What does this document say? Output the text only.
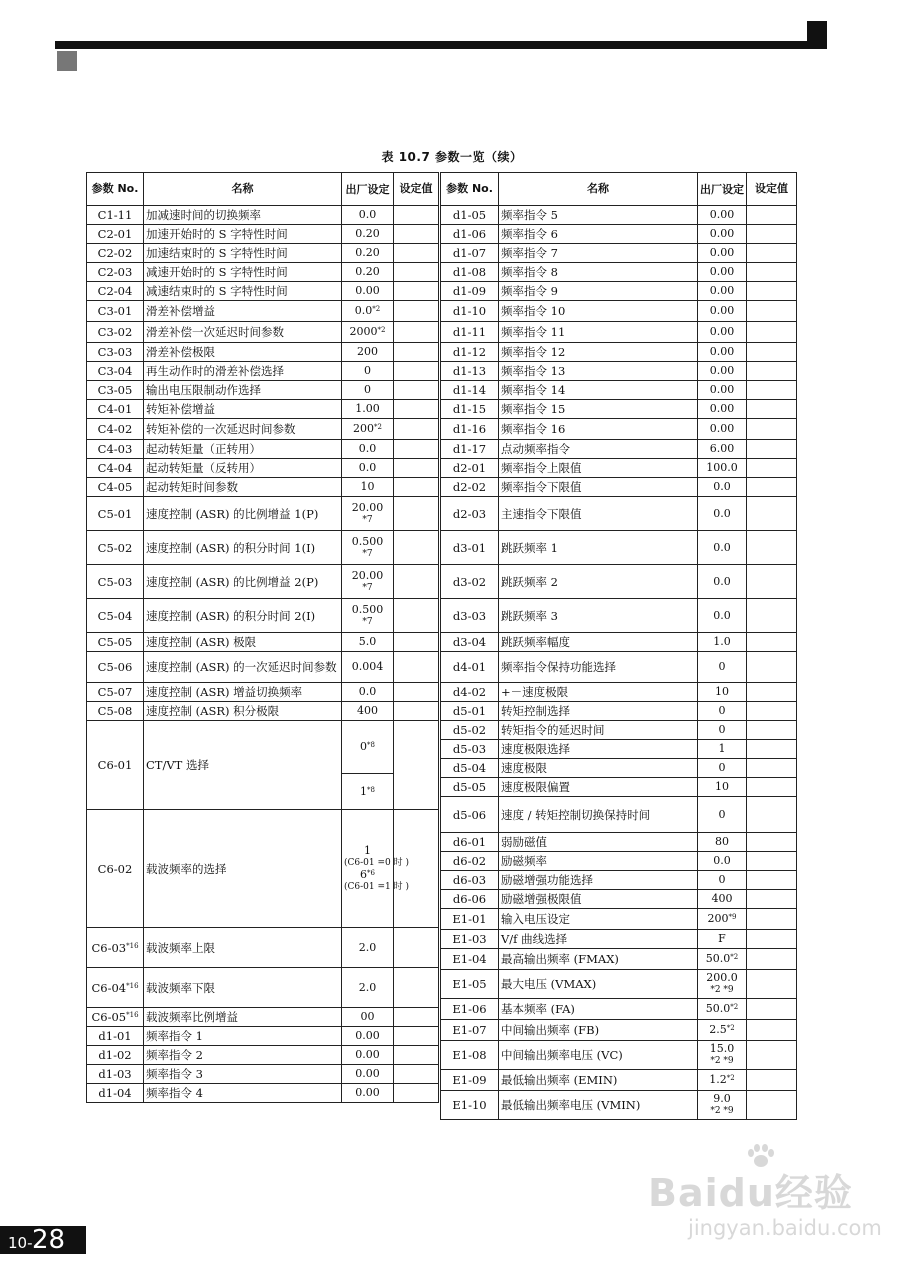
表 10.7 参数一览（续）
参数 No.	名称	出厂设定	设定值
C1-11	加减速时间的切换频率	0.0	
C2-01	加速开始时的 S 字特性时间	0.20	
C2-02	加速结束时的 S 字特性时间	0.20	
C2-03	减速开始时的 S 字特性时间	0.20	
C2-04	减速结束时的 S 字特性时间	0.00	
C3-01	滑差补偿增益	0.0$^{*2}$	
C3-02	滑差补偿一次延迟时间参数	2000$^{*2}$	
C3-03	滑差补偿极限	200	
C3-04	再生动作时的滑差补偿选择	0	
C3-05	输出电压限制动作选择	0	
C4-01	转矩补偿增益	1.00	
C4-02	转矩补偿的一次延迟时间参数	200$^{*2}$	
C4-03	起动转矩量（正转用）	0.0	
C4-04	起动转矩量（反转用）	0.0	
C4-05	起动转矩时间参数	10	
C5-01	速度控制 (ASR) 的比例增益 1(P)	20.00
*7	

C5-02	速度控制 (ASR) 的积分时间 1(I)	0.500
*7	

C5-03	速度控制 (ASR) 的比例增益 2(P)	20.00
*7	

C5-04	速度控制 (ASR) 的积分时间 2(I)	0.500
*7	

C5-05	速度控制 (ASR) 极限	5.0	
C5-06	速度控制 (ASR) 的一次延迟时间参数	0.004	
C5-07	速度控制 (ASR) 增益切换频率	0.0	
C5-08	速度控制 (ASR) 积分极限	400	
C6-01	CT/VT 选择	0$^{*8}$	
		1$^{*8}$
C6-02	载波频率的选择	1
(C6-01 =0 时 )
6$^{*6}$
(C6-01 =1 时 )	

C6-03$^{*16}$	载波频率上限	2.0	
C6-04$^{*16}$	载波频率下限	2.0	
C6-05$^{*16}$	载波频率比例增益	00	
d1-01	频率指令 1	0.00	
d1-02	频率指令 2	0.00	
d1-03	频率指令 3	0.00	
d1-04	频率指令 4	0.00	
参数 No.	名称	出厂设定	设定值
d1-05	频率指令 5	0.00	
d1-06	频率指令 6	0.00	
d1-07	频率指令 7	0.00	
d1-08	频率指令 8	0.00	
d1-09	频率指令 9	0.00	
d1-10	频率指令 10	0.00	
d1-11	频率指令 11	0.00	
d1-12	频率指令 12	0.00	
d1-13	频率指令 13	0.00	
d1-14	频率指令 14	0.00	
d1-15	频率指令 15	0.00	
d1-16	频率指令 16	0.00	
d1-17	点动频率指令	6.00	
d2-01	频率指令上限值	100.0	
d2-02	频率指令下限值	0.0	
d2-03	主速指令下限值	0.0	
d3-01	跳跃频率 1	0.0	
d3-02	跳跃频率 2	0.0	
d3-03	跳跃频率 3	0.0	
d3-04	跳跃频率幅度	1.0	
d4-01	频率指令保持功能选择	0	
d4-02	+－速度极限	10	
d5-01	转矩控制选择	0	
d5-02	转矩指令的延迟时间	0	
d5-03	速度极限选择	1	
d5-04	速度极限	0	
d5-05	速度极限偏置	10	
d5-06	速度 / 转矩控制切换保持时间	0	
d6-01	弱励磁值	80	
d6-02	励磁频率	0.0	
d6-03	励磁增强功能选择	0	
d6-06	励磁增强极限值	400	
E1-01	输入电压设定	200$^{*9}$	
E1-03	V/f 曲线选择	F	
E1-04	最高输出频率 (FMAX)	50.0$^{*2}$	
E1-05	最大电压 (VMAX)	200.0
*2 *9	

E1-06	基本频率 (FA)	50.0$^{*2}$	
E1-07	中间输出频率 (FB)	2.5$^{*2}$	
E1-08	中间输出频率电压 (VC)	15.0
*2 *9	

E1-09	最低输出频率 (EMIN)	1.2$^{*2}$	
E1-10	最低输出频率电压 (VMIN)	9.0
*2 *9	

10- 28
Baidu经验
jingyan.baidu.com
